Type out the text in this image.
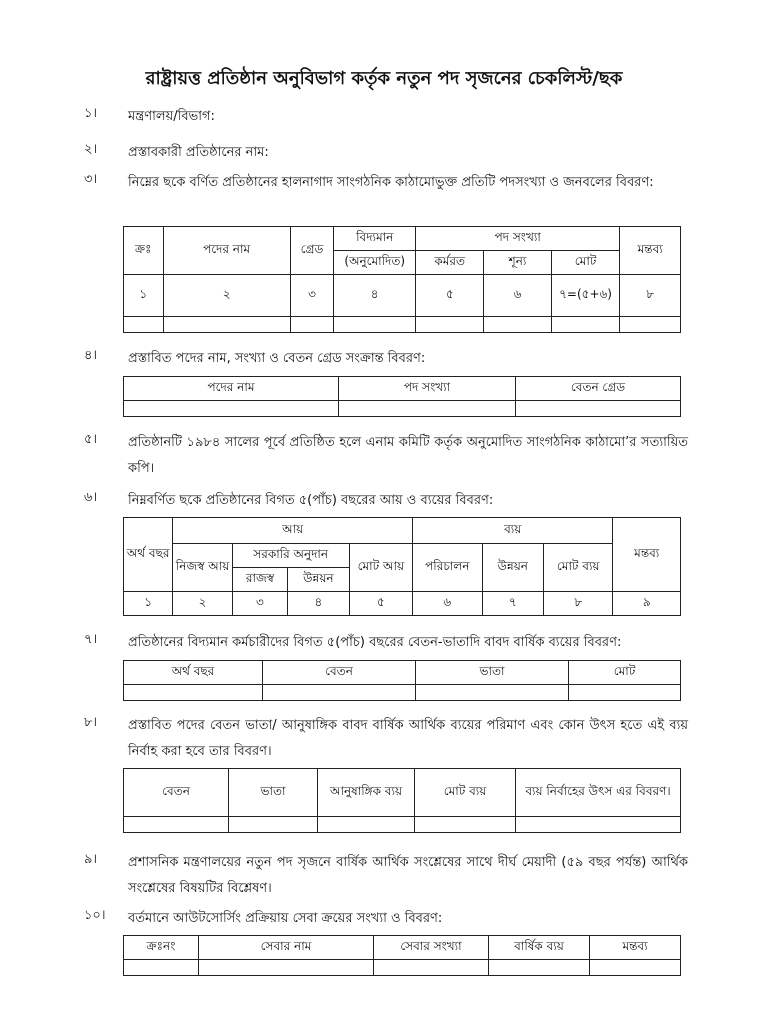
রাষ্ট্রায়ত্ত প্রতিষ্ঠান অনুবিভাগ কর্তৃক নতুন পদ সৃজনের চেকলিস্ট/ছক
১।	মন্ত্রণালয়/বিভাগ:
২।	প্রস্তাবকারী প্রতিষ্ঠানের নাম:
৩।	নিম্নের ছকে বর্ণিত প্রতিষ্ঠানের হালনাগাদ সাংগঠনিক কাঠামোভুক্ত প্রতিটি পদসংখ্যা ও জনবলের বিবরণ:
ক্রঃ	পদের নাম	গ্রেড	বিদ্যমান	পদ সংখ্যা			মন্তব্য
			(অনুমোদিত)	কর্মরত	শূন্য	মোট	
১	২	৩	৪	৫	৬	৭=(৫+৬)	৮

৪।	প্রস্তাবিত পদের নাম, সংখ্যা ও বেতন গ্রেড সংক্রান্ত বিবরণ:
পদের নাম	পদ সংখ্যা	বেতন গ্রেড

৫।	প্রতিষ্ঠানটি ১৯৮৪ সালের পূর্বে প্রতিষ্ঠিত হলে এনাম কমিটি কর্তৃক অনুমোদিত সাংগঠনিক কাঠামো’র সত্যায়িত কপি।
৬।	নিম্নবর্ণিত ছকে প্রতিষ্ঠানের বিগত ৫(পাঁচ) বছরের আয় ও ব্যয়ের বিবরণ:
অর্থ বছর	আয়				ব্যয়			মন্তব্য
	নিজস্ব আয়	সরকারি অনুদান		মোট আয়	পরিচালন	উন্নয়ন	মোট ব্যয়	
		রাজস্ব	উন্নয়ন					
১	২	৩	৪	৫	৬	৭	৮	৯
৭।	প্রতিষ্ঠানের বিদ্যমান কর্মচারীদের বিগত ৫(পাঁচ) বছরের বেতন-ভাতাদি বাবদ বার্ষিক ব্যয়ের বিবরণ:
অর্থ বছর	বেতন	ভাতা	মোট

৮।	প্রস্তাবিত পদের বেতন ভাতা/ আনুষাঙ্গিক বাবদ বার্ষিক আর্থিক ব্যয়ের পরিমাণ এবং কোন উৎস হতে এই ব্যয় নির্বাহ করা হবে তার বিবরণ।
বেতন	ভাতা	আনুষাঙ্গিক ব্যয়	মোট ব্যয়	ব্যয় নির্বাহের উৎস এর বিবরণ।

৯।	প্রশাসনিক মন্ত্রণালয়ের নতুন পদ সৃজনে বার্ষিক আর্থিক সংশ্লেষের সাথে দীর্ঘ মেয়াদী (৫৯ বছর পর্যন্ত) আর্থিক সংশ্লেষের বিষয়টির বিশ্লেষণ।
১০।	বর্তমানে আউটসোর্সিং প্রক্রিয়ায় সেবা ক্রয়ের সংখ্যা ও বিবরণ:
ক্রঃনং	সেবার নাম	সেবার সংখ্যা	বার্ষিক ব্যয়	মন্তব্য
